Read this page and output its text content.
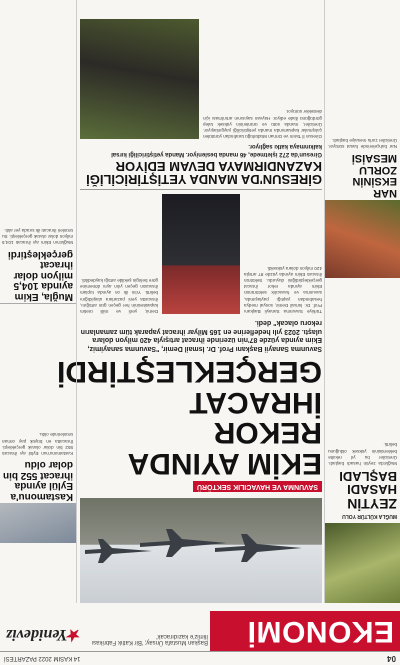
04
14 KASIM 2022 PAZARTESİ
EKONOMİ
Başkan Mustafa Ünsay; 'Bir Katlık Fabrikası İlimiz'e kazıdıracak'
★Yenideviz
MUĞLA KÜLTÜR YOLU
ZEYTİN
HASADI BAŞLADI
Muğla'da zeytin hasadı başladı. Üreticiler bu yıl rekolte beklentisinin yüksek olduğunu belirtti.
NAR EKSİNİN ZORLU MESAİSİ
Nar bahçelerinde hasat sürüyor. Üreticiler zorlu mesaiye başladı.
SAVUNMA VE HAVACILIK SEKTÖRÜ
EKİM AYINDA
REKOR İHRACAT
GERÇEKLEŞTİRDİ
Savunma Sanayii Başkanı Prof. Dr. İsmail Demir, "Savunma sanayimiz, Ekim ayında yüzde 87'nin üzerinde ihracat artışıyla 420 milyon dolara ulaştı. 2023 yılı hedeflerine en 165 Milyar ihracat yaparak tüm zamanların rekoru olacak" dedi.
Türkiye Savunma Sanayii Başkanı Prof. Dr. İsmail Demir, sosyal medya hesabından yaptığı paylaşımda, savunma ve havacılık sektörünün Ekim ayında rekor ihracat gerçekleştirdiğini duyurdu. Sektörün ihracatı Ekim ayında yüzde 87 artışla 420 milyon dolara yükseldi.
Demir, yerli ve milli üretim kapasitesinin her geçen gün arttığını, ihracatta yeni pazarlara ulaşıldığını belirtti. Yılın ilk on ayında toplam ihracatın geçen yılın aynı dönemine göre belirgin şekilde arttığı kaydedildi.
GİRESUN'DA MANDA YETİŞTİRİCİLİĞİ
KAZANDIRMAYA DEVAM EDİYOR
Giresun'da 272 işletmede, 46 manda besleniyor. Manda yetiştiriciliği kırsal kalkınmaya katkı sağlıyor.
Giresun İl Tarım ve Orman Müdürlüğü tarafından yürütülen çalışmalar kapsamında manda yetiştiriciliği yaygınlaşıyor. Üreticiler, manda sütü ve ürünlerinin yüksek talep gördüğünü ifade ediyor. Hayvan sayısının artırılması için destekler sürüyor.
Kastamonu'a Eylül ayında ihracat 552 bin dolar oldu
Kastamonu'nun Eylül ayı ihracatı 552 bin dolar olarak gerçekleşti. İhracatta en büyük pay orman ürünlerinde oldu.
Muğla, Ekim ayında 104,5 milyon dolar ihracat gerçekleştirdi
Muğla'nın Ekim ayı ihracatı 104,5 milyon dolar olarak gerçekleşti. Su ürünleri ihracatı ilk sırada yer aldı.
